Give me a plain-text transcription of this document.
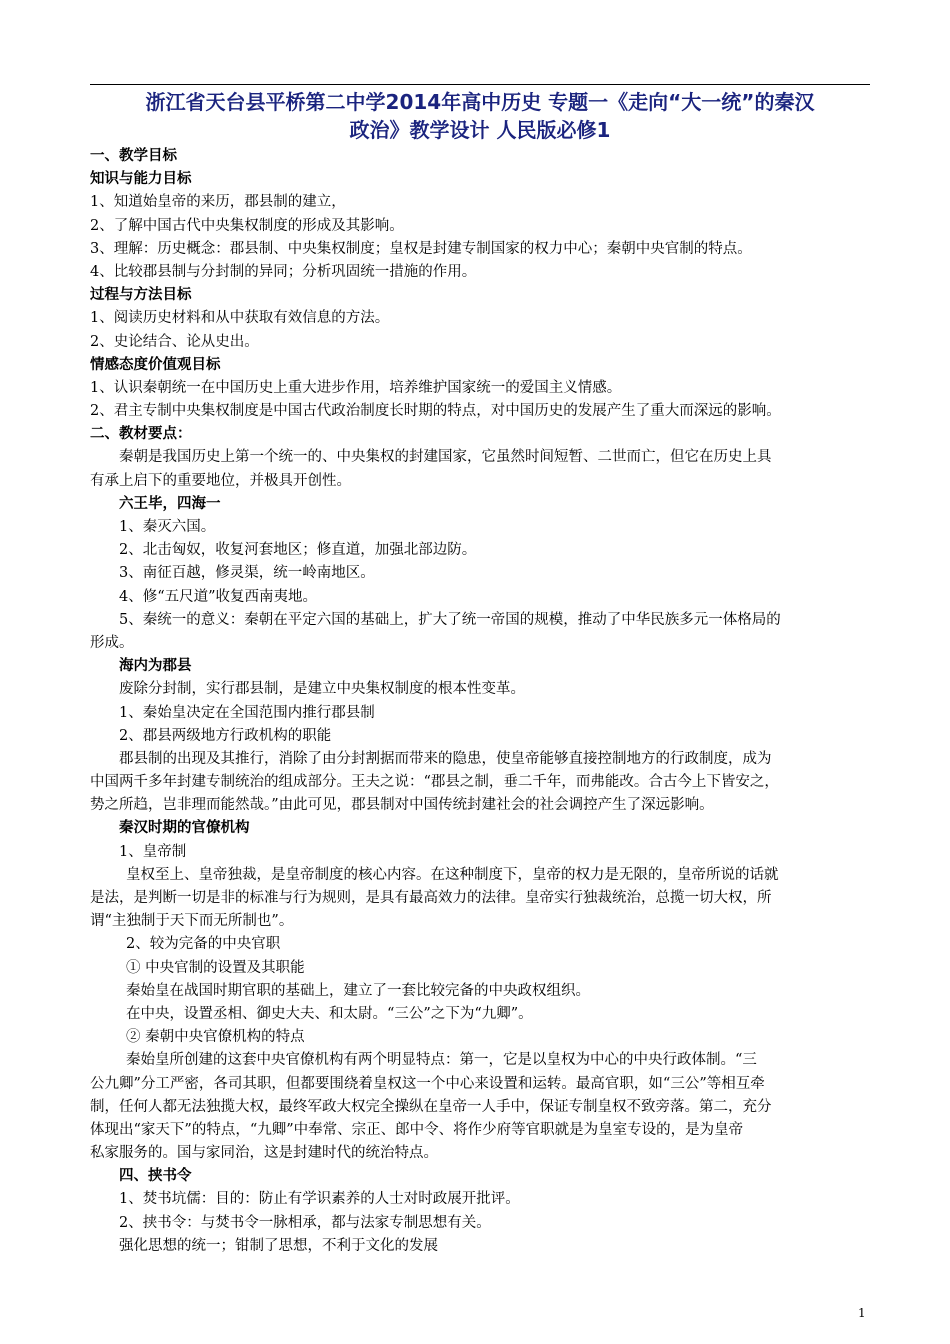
浙江省天台县平桥第二中学2014年高中历史 专题一《走向“大一统”的秦汉
政治》教学设计 人民版必修1
一、教学目标
知识与能力目标
1、知道始皇帝的来历，郡县制的建立，
2、了解中国古代中央集权制度的形成及其影响。
3、理解：历史概念：郡县制、中央集权制度；皇权是封建专制国家的权力中心；秦朝中央官制的特点。
4、比较郡县制与分封制的异同；分析巩固统一措施的作用。
过程与方法目标
1、阅读历史材料和从中获取有效信息的方法。
2、史论结合、论从史出。
情感态度价值观目标
1、认识秦朝统一在中国历史上重大进步作用，培养维护国家统一的爱国主义情感。
2、君主专制中央集权制度是中国古代政治制度长时期的特点，对中国历史的发展产生了重大而深远的影响。
二、教材要点：
秦朝是我国历史上第一个统一的、中央集权的封建国家，它虽然时间短暂、二世而亡，但它在历史上具
有承上启下的重要地位，并极具开创性。
六王毕，四海一
1、秦灭六国。
2、北击匈奴，收复河套地区；修直道，加强北部边防。
3、南征百越，修灵渠，统一岭南地区。
4、修“五尺道”收复西南夷地。
5、秦统一的意义：秦朝在平定六国的基础上，扩大了统一帝国的规模，推动了中华民族多元一体格局的
形成。
海内为郡县
废除分封制，实行郡县制，是建立中央集权制度的根本性变革。
1、秦始皇决定在全国范围内推行郡县制
2、郡县两级地方行政机构的职能
郡县制的出现及其推行，消除了由分封割据而带来的隐患，使皇帝能够直接控制地方的行政制度，成为
中国两千多年封建专制统治的组成部分。王夫之说：“郡县之制，垂二千年，而弗能改。合古今上下皆安之，
势之所趋，岂非理而能然哉。”由此可见，郡县制对中国传统封建社会的社会调控产生了深远影响。
秦汉时期的官僚机构
1、皇帝制
皇权至上、皇帝独裁，是皇帝制度的核心内容。在这种制度下，皇帝的权力是无限的，皇帝所说的话就
是法，是判断一切是非的标准与行为规则，是具有最高效力的法律。皇帝实行独裁统治，总揽一切大权，所
谓“主独制于天下而无所制也”。
2、较为完备的中央官职
① 中央官制的设置及其职能
秦始皇在战国时期官职的基础上，建立了一套比较完备的中央政权组织。
在中央，设置丞相、御史大夫、和太尉。“三公”之下为“九卿”。
② 秦朝中央官僚机构的特点
秦始皇所创建的这套中央官僚机构有两个明显特点：第一，它是以皇权为中心的中央行政体制。“三
公九卿”分工严密，各司其职，但都要围绕着皇权这一个中心来设置和运转。最高官职，如“三公”等相互牵
制，任何人都无法独揽大权，最终军政大权完全操纵在皇帝一人手中，保证专制皇权不致旁落。第二，充分
体现出“家天下”的特点，“九卿”中奉常、宗正、郎中令、将作少府等官职就是为皇室专设的，是为皇帝
私家服务的。国与家同治，这是封建时代的统治特点。
四、挟书令
1、焚书坑儒：目的：防止有学识素养的人士对时政展开批评。
2、挟书令：与焚书令一脉相承，都与法家专制思想有关。
强化思想的统一；钳制了思想，不利于文化的发展
1
